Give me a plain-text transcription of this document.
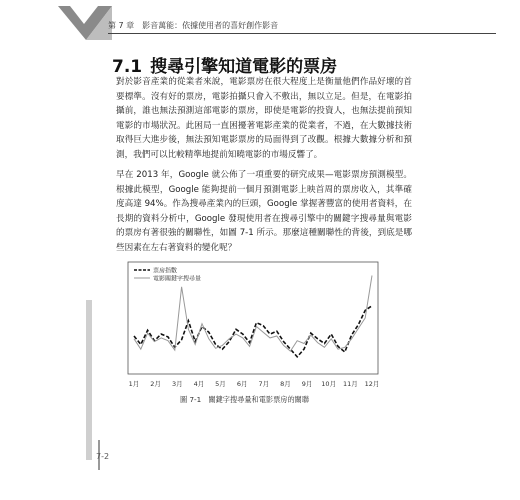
第 7 章　影音萬能：依據使用者的喜好創作影音
7.1 搜尋引擎知道電影的票房
對於影音產業的從業者來說，電影票房在很大程度上是衡量他們作品好壞的首要標準。沒有好的票房，電影拍攝只會入不敷出，無以立足。但是，在電影拍攝前，誰也無法預測這部電影的票房，即使是電影的投資人，也無法提前預知電影的市場狀況。此困局一直困擾著電影產業的從業者，不過，在大數據技術取得巨大進步後，無法預知電影票房的局面得到了改觀。根據大數據分析和預測，我們可以比較精準地提前知曉電影的市場反響了。
早在 2013 年，Google 就公佈了一項重要的研究成果—電影票房預測模型。根據此模型，Google 能夠提前一個月預測電影上映首周的票房收入，其準確度高達 94%。作為搜尋產業內的巨頭，Google 掌握著豐富的使用者資料，在長期的資料分析中，Google 發現使用者在搜尋引擎中的關鍵字搜尋量與電影的票房有著很強的關聯性，如圖 7-1 所示。那麼這種關聯性的背後，到底是哪些因素在左右著資料的變化呢？
票房指數
電影關鍵字搜尋量
1月 2月 3月 4月 5月 6月 7月 8月 9月 10月 11月 12月
圖 7-1　關鍵字搜尋量和電影票房的關聯
7-2
